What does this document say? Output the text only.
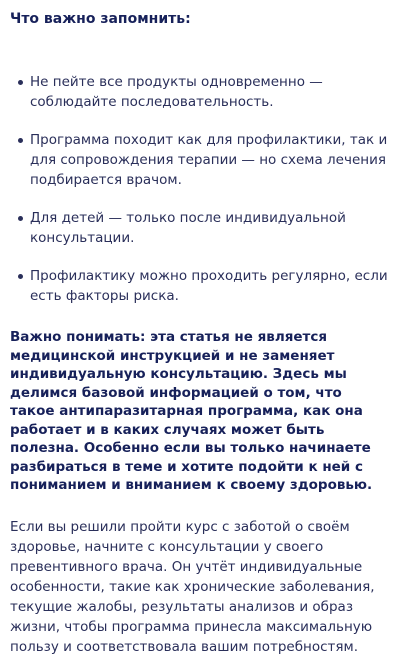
Что важно запомнить:
Не пейте все продукты одновременно — соблюдайте последовательность.
Программа походит как для профилактики, так и для сопровождения терапии — но схема лечения подбирается врачом.
Для детей — только после индивидуальной консультации.
Профилактику можно проходить регулярно, если есть факторы риска.

Важно понимать: эта статья не является медицинской инструкцией и не заменяет индивидуальную консультацию. Здесь мы делимся базовой информацией о том, что такое антипаразитарная программа, как она работает и в каких случаях может быть полезна. Особенно если вы только начинаете разбираться в теме и хотите подойти к ней с пониманием и вниманием к своему здоровью.

Если вы решили пройти курс с заботой о своём здоровье, начните с консультации у своего превентивного врача. Он учтёт индивидуальные особенности, такие как хронические заболевания, текущие жалобы, результаты анализов и образ жизни, чтобы программа принесла максимальную пользу и соответствовала вашим потребностям.
